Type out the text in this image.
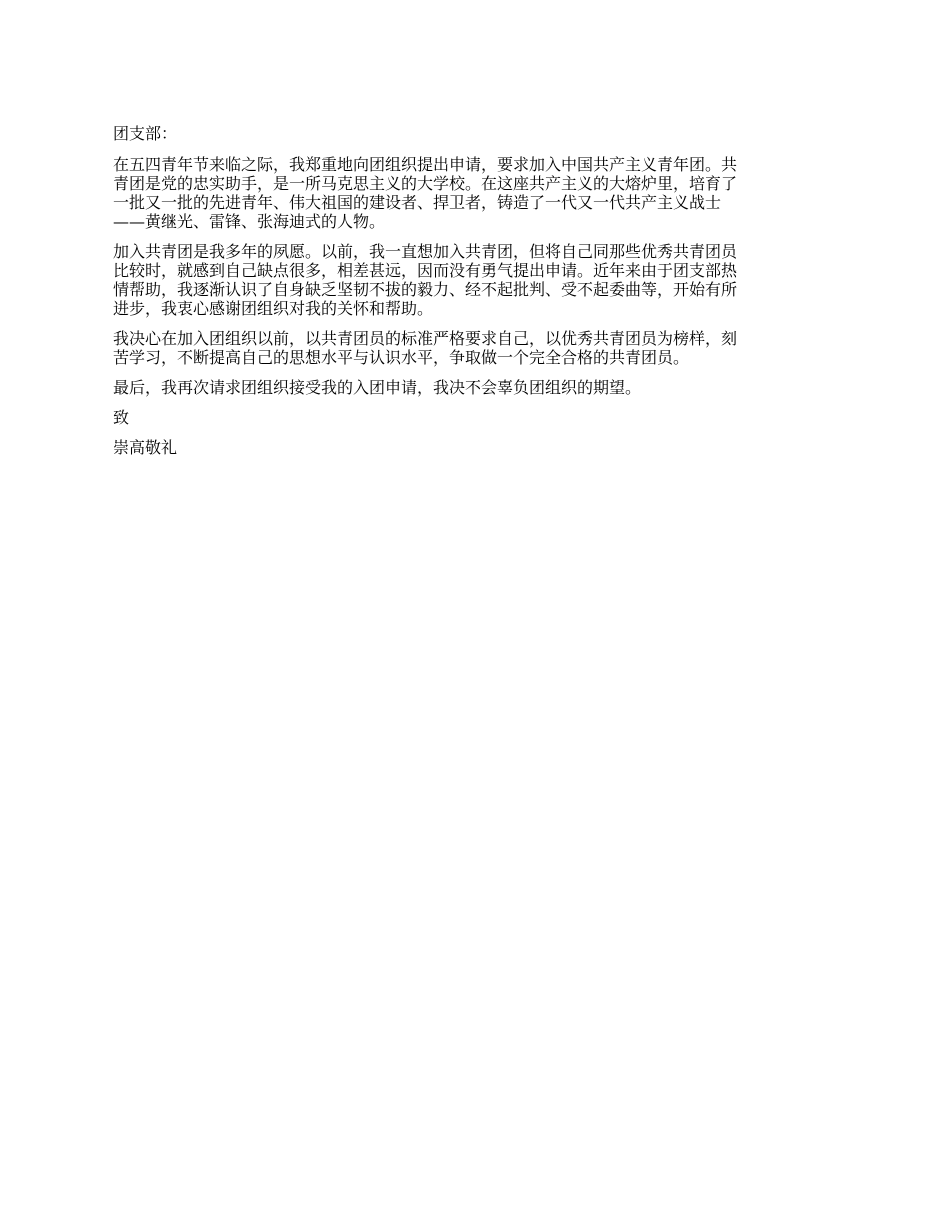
团支部：

在五四青年节来临之际，我郑重地向团组织提出申请，要求加入中国共产主义青年团。共
青团是党的忠实助手，是一所马克思主义的大学校。在这座共产主义的大熔炉里，培育了
一批又一批的先进青年、伟大祖国的建设者、捍卫者，铸造了一代又一代共产主义战士
——黄继光、雷锋、张海迪式的人物。
加入共青团是我多年的夙愿。以前，我一直想加入共青团，但将自己同那些优秀共青团员
比较时，就感到自己缺点很多，相差甚远，因而没有勇气提出申请。近年来由于团支部热
情帮助，我逐渐认识了自身缺乏坚韧不拔的毅力、经不起批判、受不起委曲等，开始有所
进步，我衷心感谢团组织对我的关怀和帮助。
我决心在加入团组织以前，以共青团员的标准严格要求自己，以优秀共青团员为榜样，刻
苦学习，不断提高自己的思想水平与认识水平，争取做一个完全合格的共青团员。
最后，我再次请求团组织接受我的入团申请，我决不会辜负团组织的期望。

致

崇高敬礼
